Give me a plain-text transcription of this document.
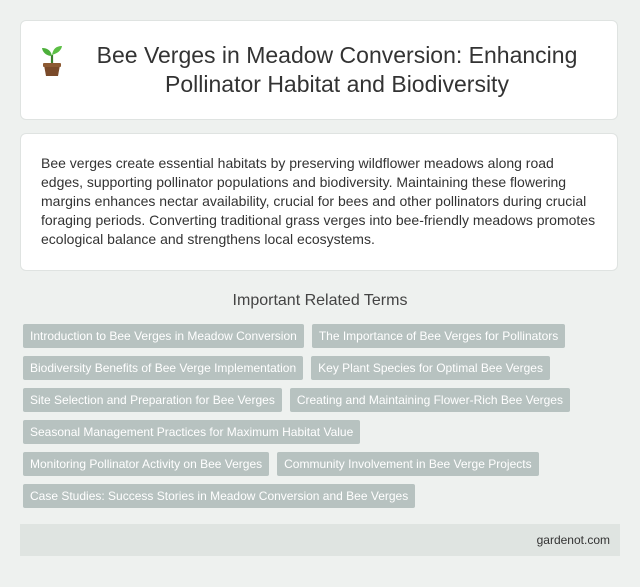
Bee Verges in Meadow Conversion: Enhancing Pollinator Habitat and Biodiversity

Bee verges create essential habitats by preserving wildflower meadows along road edges, supporting pollinator populations and biodiversity. Maintaining these flowering margins enhances nectar availability, crucial for bees and other pollinators during crucial foraging periods. Converting traditional grass verges into bee-friendly meadows promotes ecological balance and strengthens local ecosystems.

Important Related Terms
Introduction to Bee Verges in Meadow Conversion	The Importance of Bee Verges for Pollinators
Biodiversity Benefits of Bee Verge Implementation	Key Plant Species for Optimal Bee Verges
Site Selection and Preparation for Bee Verges	Creating and Maintaining Flower-Rich Bee Verges
Seasonal Management Practices for Maximum Habitat Value
Monitoring Pollinator Activity on Bee Verges	Community Involvement in Bee Verge Projects
Case Studies: Success Stories in Meadow Conversion and Bee Verges
gardenot.com
